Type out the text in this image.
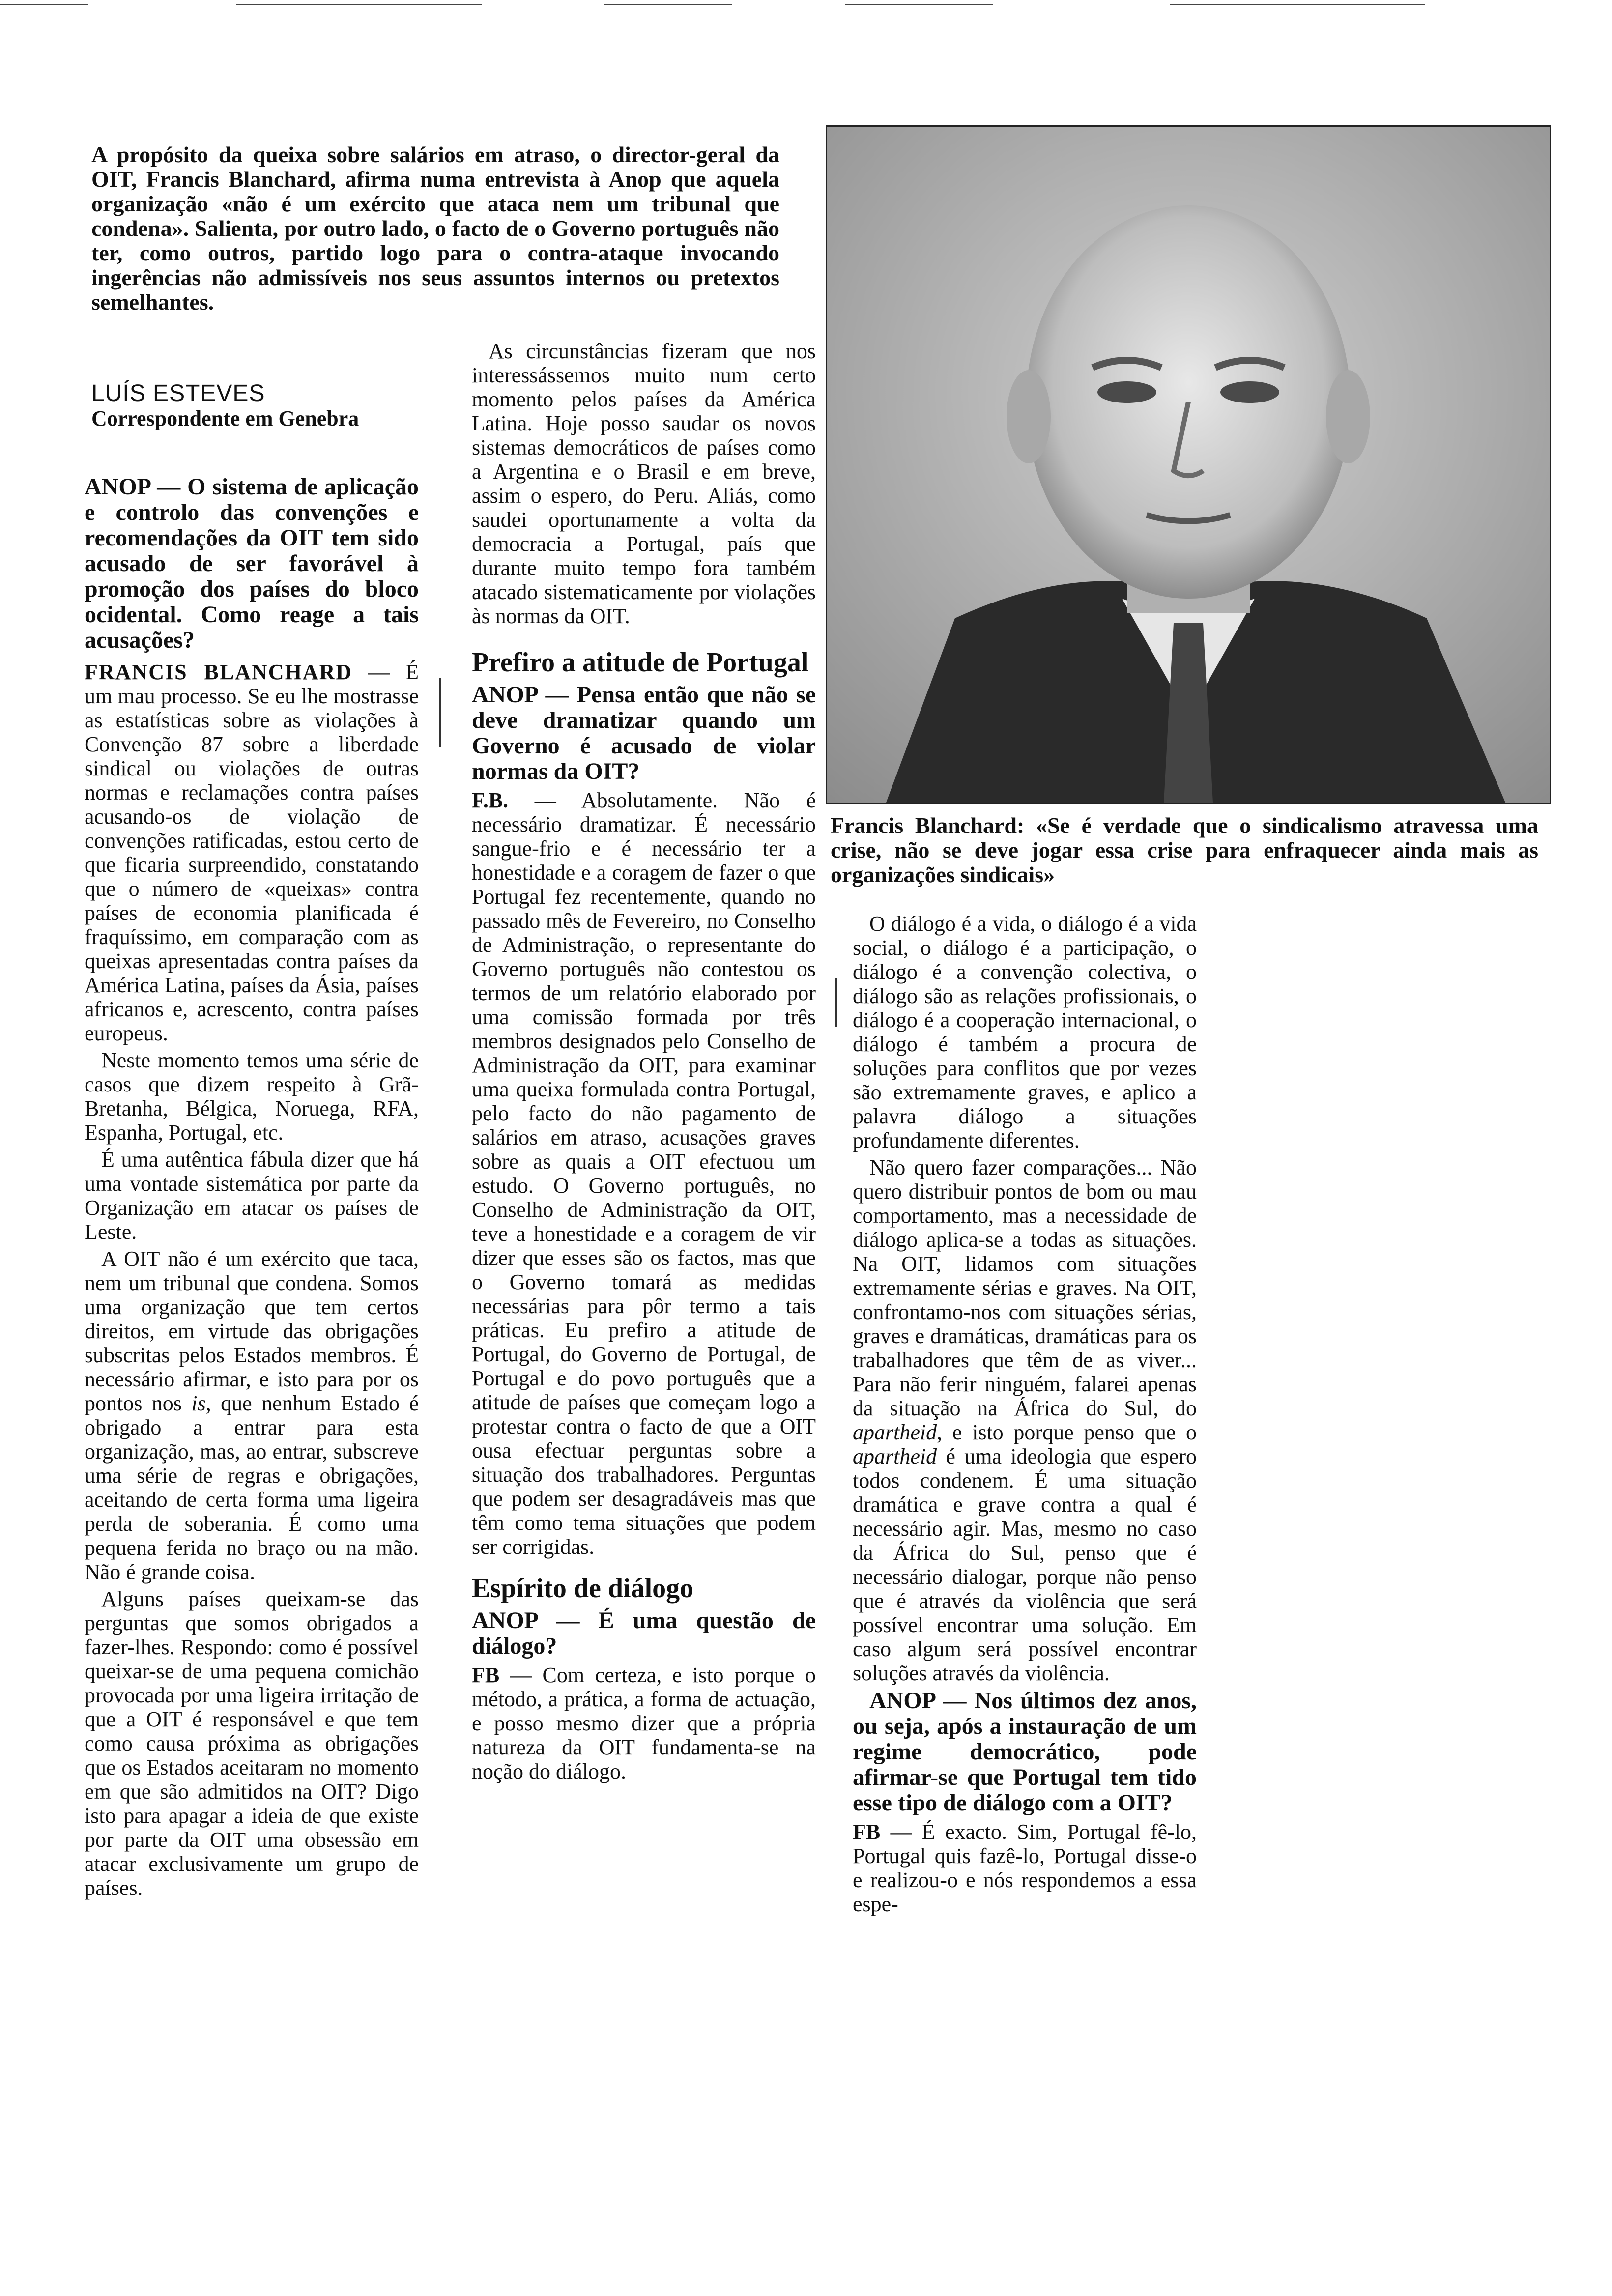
A propósito da queixa sobre salários em atraso, o director-geral da OIT, Francis Blanchard, afirma numa entrevista à Anop que aquela organização «não é um exército que ataca nem um tribunal que condena». Salienta, por outro lado, o facto de o Governo português não ter, como outros, partido logo para o contra-ataque invocando ingerências não admissíveis nos seus assuntos internos ou pretextos semelhantes.

LUÍS ESTEVES

Correspondente em Genebra

ANOP — O sistema de aplicação e controlo das convenções e recomendações da OIT tem sido acusado de ser favorável à promoção dos países do bloco ocidental. Como reage a tais acusações?

FRANCIS BLANCHARD — É um mau processo. Se eu lhe mostrasse as estatísticas sobre as violações à Convenção 87 sobre a liberdade sindical ou violações de outras normas e reclamações contra países acusando-os de violação de convenções ratificadas, estou certo de que ficaria surpreendido, constatando que o número de «queixas» contra países de economia planificada é fraquíssimo, em comparação com as queixas apresentadas contra países da América Latina, países da Ásia, países africanos e, acrescento, contra países europeus.

Neste momento temos uma série de casos que dizem respeito à Grã-Bretanha, Bélgica, Noruega, RFA, Espanha, Portugal, etc.

É uma autêntica fábula dizer que há uma vontade sistemática por parte da Organização em atacar os países de Leste.

A OIT não é um exército que taca, nem um tribunal que condena. Somos uma organização que tem certos direitos, em virtude das obrigações subscritas pelos Estados membros. É necessário afirmar, e isto para por os pontos nos is, que nenhum Estado é obrigado a entrar para esta organização, mas, ao entrar, subscreve uma série de regras e obrigações, aceitando de certa forma uma ligeira perda de soberania. É como uma pequena ferida no braço ou na mão. Não é grande coisa.

Alguns países queixam-se das perguntas que somos obrigados a fazer-lhes. Respondo: como é possível queixar-se de uma pequena comichão provocada por uma ligeira irritação de que a OIT é responsável e que tem como causa próxima as obrigações que os Estados aceitaram no momento em que são admitidos na OIT? Digo isto para apagar a ideia de que existe por parte da OIT uma obsessão em atacar exclusivamente um grupo de países.

As circunstâncias fizeram que nos interessássemos muito num certo momento pelos países da América Latina. Hoje posso saudar os novos sistemas democráticos de países como a Argentina e o Brasil e em breve, assim o espero, do Peru. Aliás, como saudei oportunamente a volta da democracia a Portugal, país que durante muito tempo fora também atacado sistematicamente por violações às normas da OIT.

Prefiro a atitude de Portugal

ANOP — Pensa então que não se deve dramatizar quando um Governo é acusado de violar normas da OIT?

F.B. — Absolutamente. Não é necessário dramatizar. É necessário sangue-frio e é necessário ter a honestidade e a coragem de fazer o que Portugal fez recentemente, quando no passado mês de Fevereiro, no Conselho de Administração, o representante do Governo português não contestou os termos de um relatório elaborado por uma comissão formada por três membros designados pelo Conselho de Administração da OIT, para examinar uma queixa formulada contra Portugal, pelo facto do não pagamento de salários em atraso, acusações graves sobre as quais a OIT efectuou um estudo. O Governo português, no Conselho de Administração da OIT, teve a honestidade e a coragem de vir dizer que esses são os factos, mas que o Governo tomará as medidas necessárias para pôr termo a tais práticas. Eu prefiro a atitude de Portugal, do Governo de Portugal, de Portugal e do povo português que a atitude de países que começam logo a protestar contra o facto de que a OIT ousa efectuar perguntas sobre a situação dos trabalhadores. Perguntas que podem ser desagradáveis mas que têm como tema situações que podem ser corrigidas.

Espírito de diálogo

ANOP — É uma questão de diálogo?

FB — Com certeza, e isto porque o método, a prática, a forma de actuação, e posso mesmo dizer que a própria natureza da OIT fundamenta-se na noção do diálogo.

Francis Blanchard: «Se é verdade que o sindicalismo atravessa uma crise, não se deve jogar essa crise para enfraquecer ainda mais as organizações sindicais»

O diálogo é a vida, o diálogo é a vida social, o diálogo é a participação, o diálogo é a convenção colectiva, o diálogo são as relações profissionais, o diálogo é a cooperação internacional, o diálogo é também a procura de soluções para conflitos que por vezes são extremamente graves, e aplico a palavra diálogo a situações profundamente diferentes.

Não quero fazer comparações... Não quero distribuir pontos de bom ou mau comportamento, mas a necessidade de diálogo aplica-se a todas as situações. Na OIT, lidamos com situações extremamente sérias e graves. Na OIT, confrontamo-nos com situações sérias, graves e dramáticas, dramáticas para os trabalhadores que têm de as viver... Para não ferir ninguém, falarei apenas da situação na África do Sul, do apartheid, e isto porque penso que o apartheid é uma ideologia que espero todos condenem. É uma situação dramática e grave contra a qual é necessário agir. Mas, mesmo no caso da África do Sul, penso que é necessário dialogar, porque não penso que é através da violência que será possível encontrar uma solução. Em caso algum será possível encontrar soluções através da violência.

ANOP — Nos últimos dez anos, ou seja, após a instauração de um regime democrático, pode afirmar-se que Portugal tem tido esse tipo de diálogo com a OIT?

FB — É exacto. Sim, Portugal fê-lo, Portugal quis fazê-lo, Portugal disse-o e realizou-o e nós respondemos a essa espe-
